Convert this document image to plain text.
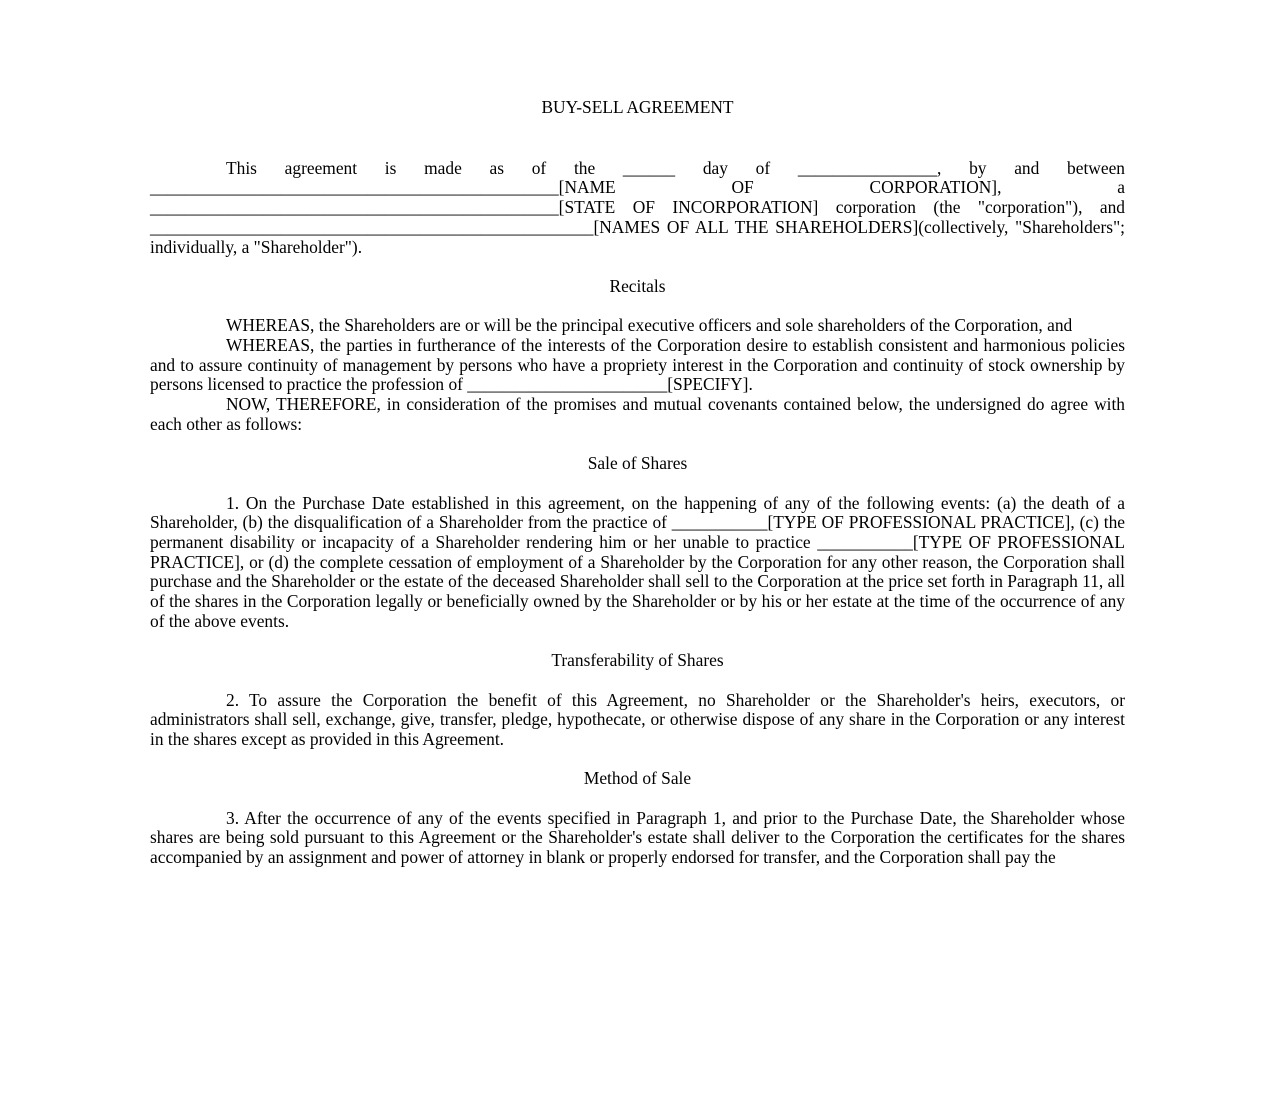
BUY-SELL AGREEMENT

This agreement is made as of the ______ day of ________________, by and between _______________________________________________[NAME OF CORPORATION], a _______________________________________________[STATE OF INCORPORATION] corporation (the "corporation"), and ___________________________________________________[NAMES OF ALL THE SHAREHOLDERS](collectively, "Shareholders"; individually, a "Shareholder").

Recitals

WHEREAS, the Shareholders are or will be the principal executive officers and sole shareholders of the Corporation, and

WHEREAS, the parties in furtherance of the interests of the Corporation desire to establish consistent and harmonious policies and to assure continuity of management by persons who have a propriety interest in the Corporation and continuity of stock ownership by persons licensed to practice the profession of _______________________[SPECIFY].

NOW, THEREFORE, in consideration of the promises and mutual covenants contained below, the undersigned do agree with each other as follows:

Sale of Shares

1. On the Purchase Date established in this agreement, on the happening of any of the following events: (a) the death of a Shareholder, (b) the disqualification of a Shareholder from the practice of ___________[TYPE OF PROFESSIONAL PRACTICE], (c) the permanent disability or incapacity of a Shareholder rendering him or her unable to practice ___________[TYPE OF PROFESSIONAL PRACTICE], or (d) the complete cessation of employment of a Shareholder by the Corporation for any other reason, the Corporation shall purchase and the Shareholder or the estate of the deceased Shareholder shall sell to the Corporation at the price set forth in Paragraph 11, all of the shares in the Corporation legally or beneficially owned by the Shareholder or by his or her estate at the time of the occurrence of any of the above events.

Transferability of Shares

2. To assure the Corporation the benefit of this Agreement, no Shareholder or the Shareholder's heirs, executors, or administrators shall sell, exchange, give, transfer, pledge, hypothecate, or otherwise dispose of any share in the Corporation or any interest in the shares except as provided in this Agreement.

Method of Sale

3. After the occurrence of any of the events specified in Paragraph 1, and prior to the Purchase Date, the Shareholder whose shares are being sold pursuant to this Agreement or the Shareholder's estate shall deliver to the Corporation the certificates for the shares accompanied by an assignment and power of attorney in blank or properly endorsed for transfer, and the Corporation shall pay the
